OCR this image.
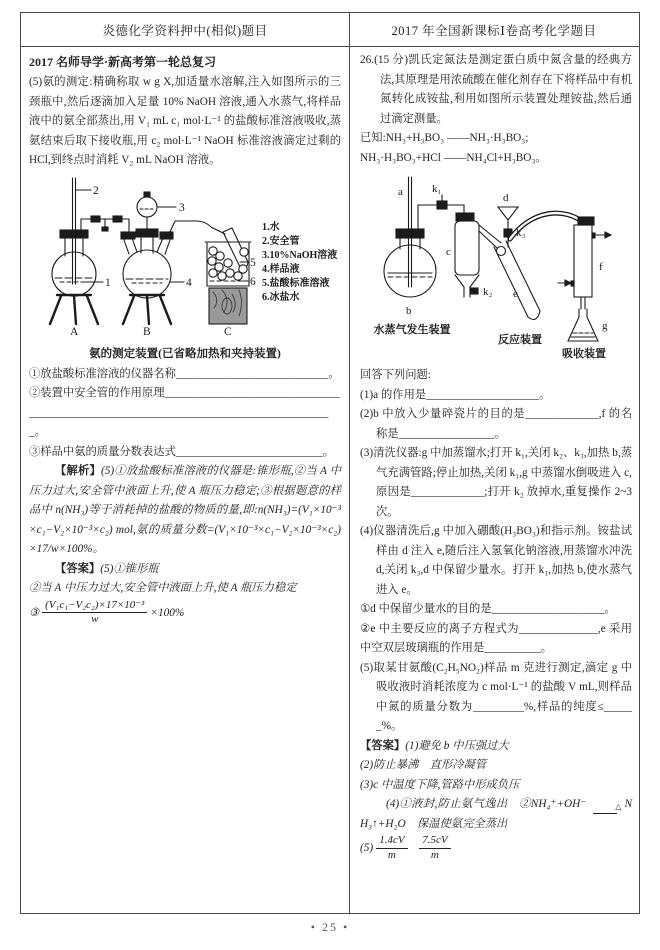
炎德化学资料押中(相似)题目	2017 年全国新课标Ⅰ卷高考化学题目
2017 名师导学·新高考第一轮总复习

(5)氨的测定:精确称取 w g X,加适量水溶解,注入如图所示的三颈瓶中,然后逐滴加入足量 10% NaOH 溶液,通入水蒸气,将样品液中的氨全部蒸出,用 V₁ mL c₁ mol·L⁻¹ 的盐酸标准溶液吸收,蒸氨结束后取下接收瓶,用 c₂ mol·L⁻¹ NaOH 标准溶液滴定过剩的 HCl,到终点时消耗 V₂ mL NaOH 溶液。

2
1
3
4
5
6
A	B	C
1.水
2.安全管
3.10%NaOH溶液
4.样品液
5.盐酸标准溶液
6.冰盐水
氨的测定装置(已省略加热和夹持装置)

①放盐酸标准溶液的仪器名称___________________________。

②装置中安全管的作用原理_______________________________

______________________________________________________。

③样品中氨的质量分数表达式__________________________。

【解析】(5)①放盐酸标准溶液的仪器是:锥形瓶,②当 A 中压力过大,安全管中液面上升,使 A 瓶压力稳定;③根据题意的样品中 n(NH₃)等于消耗掉的盐酸的物质的量,即:n(NH₃)=(V₁×10⁻³×c₁−V₂×10⁻³×c₂) mol,氨的质量分数=(V₁×10⁻³×c₁−V₂×10⁻³×c₂)×17/w×100%。

【答案】(5)①锥形瓶

②当 A 中压力过大,安全管中液面上升,使 A 瓶压力稳定

③ $\frac{\text{(V₁c₁−V₂c₂)×17×10⁻³}}{w} \times 100\%$

26.(15 分)凯氏定氮法是测定蛋白质中氮含量的经典方法,其原理是用浓硫酸在催化剂存在下将样品中有机氮转化成铵盐,利用如图所示装置处理铵盐,然后通过滴定测量。

已知:NH₃+H₃BO₃ ——NH₃·H₃BO₃;

NH₃·H₃BO₃+HCl ——NH₄Cl+H₃BO₃。

a
b
c
d
e
f
g
k₁
k₂
k₃
水蒸气发生装置
反应装置
吸收装置

回答下列问题:

(1)a 的作用是____________________。

(2)b 中放入少量碎瓷片的目的是_____________,f 的名称是_________________。

(3)清洗仪器:g 中加蒸馏水;打开 k₁,关闭 k₂、k₃,加热 b,蒸气充满管路;停止加热,关闭 k₁,g 中蒸馏水倒吸进入 c,原因是_____________;打开 k₂ 放掉水,重复操作 2~3 次。

(4)仪器清洗后,g 中加入硼酸(H₃BO₃)和指示剂。铵盐试样由 d 注入 e,随后注入氢氧化钠溶液,用蒸馏水冲洗 d,关闭 k₃,d 中保留少量水。打开 k₁,加热 b,使水蒸气进入 e。

①d 中保留少量水的目的是____________________。

②e 中主要反应的离子方程式为______________,e 采用中空双层玻璃瓶的作用是__________。

(5)取某甘氨酸(C₂H₅NO₂)样品 m 克进行测定,滴定 g 中吸收液时消耗浓度为 c mol·L⁻¹ 的盐酸 V mL,则样品中氮的质量分数为_________%,样品的纯度≤______%。

【答案】(1)避免 b 中压强过大

(2)防止暴沸　直形冷凝管

(3)c 中温度下降,管路中形成负压

(4)①液封,防止氨气逸出　②NH₄⁺+OH⁻	△ NH₃↑+H₂O　保温使氨完全蒸出

$(5) \frac{1.4cV}{m}$
$\frac{7.5cV}{m}$

• 25 •
